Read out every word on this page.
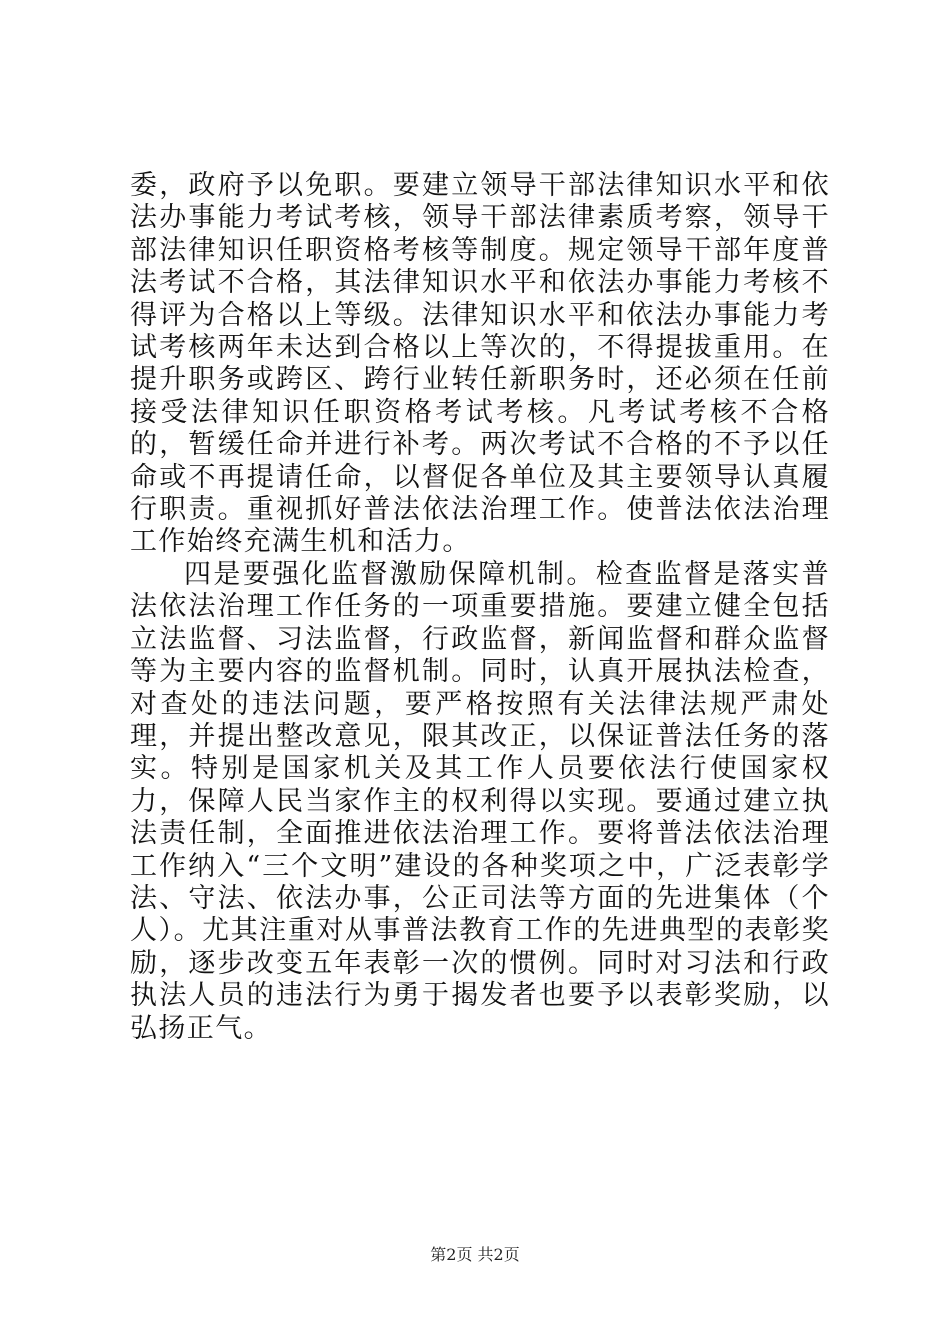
委，政府予以免职。要建立领导干部法律知识水平和依法办事能力考试考核，领导干部法律素质考察，领导干部法律知识任职资格考核等制度。规定领导干部年度普法考试不合格，其法律知识水平和依法办事能力考核不得评为合格以上等级。法律知识水平和依法办事能力考试考核两年未达到合格以上等次的，不得提拔重用。在提升职务或跨区、跨行业转任新职务时，还必须在任前接受法律知识任职资格考试考核。凡考试考核不合格的，暂缓任命并进行补考。两次考试不合格的不予以任命或不再提请任命，以督促各单位及其主要领导认真履行职责。重视抓好普法依法治理工作。使普法依法治理工作始终充满生机和活力。

四是要强化监督激励保障机制。检查监督是落实普法依法治理工作任务的一项重要措施。要建立健全包括立法监督、习法监督，行政监督，新闻监督和群众监督等为主要内容的监督机制。同时，认真开展执法检查，对查处的违法问题，要严格按照有关法律法规严肃处理，并提出整改意见，限其改正，以保证普法任务的落实。特别是国家机关及其工作人员要依法行使国家权力，保障人民当家作主的权利得以实现。要通过建立执法责任制，全面推进依法治理工作。要将普法依法治理工作纳入“三个文明”建设的各种奖项之中，广泛表彰学法、守法、依法办事，公正司法等方面的先进集体（个人）。尤其注重对从事普法教育工作的先进典型的表彰奖励，逐步改变五年表彰一次的惯例。同时对习法和行政执法人员的违法行为勇于揭发者也要予以表彰奖励，以弘扬正气。

第2页 共2页
